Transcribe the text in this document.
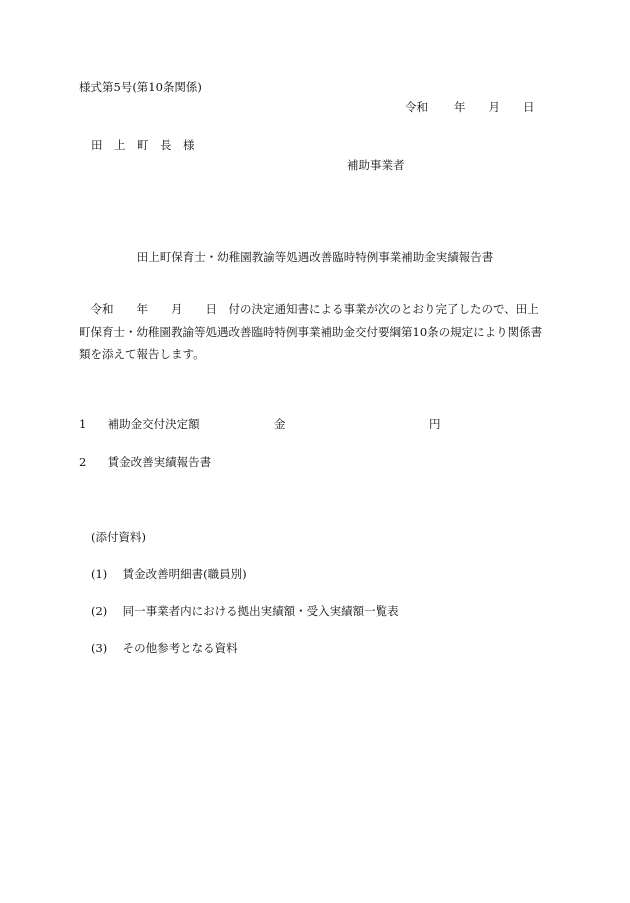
様式第5号(第10条関係)
令和 年 月 日
田　上　町　長　様
補助事業者
田上町保育士・幼稚園教諭等処遇改善臨時特例事業補助金実績報告書
　令和　　年　　月　　日　付の決定通知書による事業が次のとおり完了したので、田上
町保育士・幼稚園教諭等処遇改善臨時特例事業補助金交付要綱第10条の規定により関係書
類を添えて報告します。
1 補助金交付決定額	金	円
2 賃金改善実績報告書
(添付資料)
(1) 賃金改善明細書(職員別)
(2) 同一事業者内における拠出実績額・受入実績額一覧表
(3) その他参考となる資料
